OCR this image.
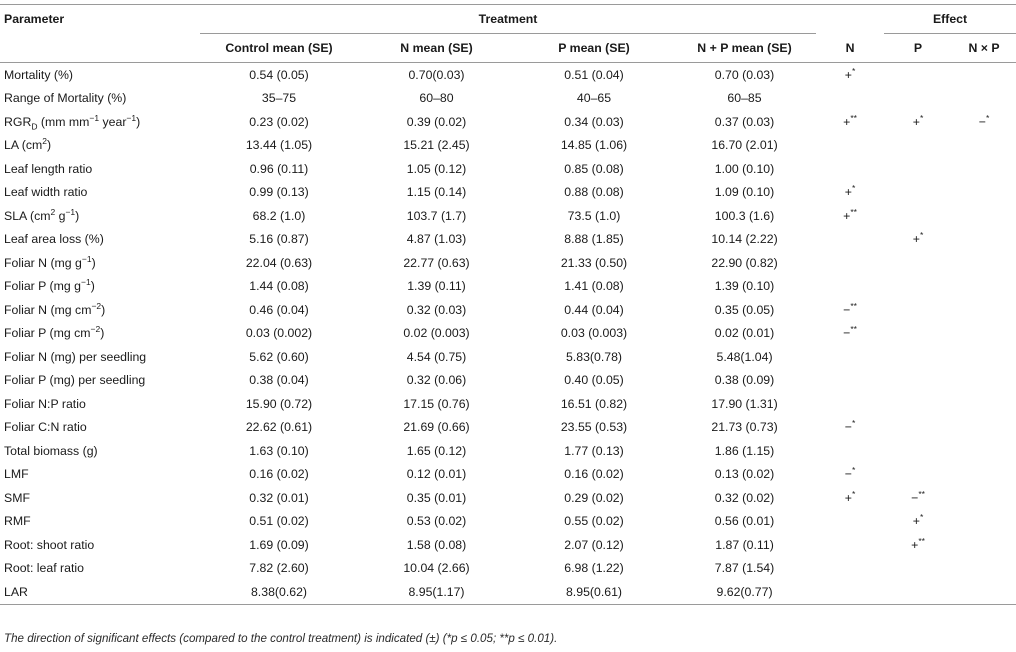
Parameter	Treatment					Effect	
	Control mean (SE)	N mean (SE)	P mean (SE)	N + P mean (SE)	N	P	N × P
Mortality (%)	0.54 (0.05)	0.70(0.03)	0.51 (0.04)	0.70 (0.03)	+*		
Range of Mortality (%)	35–75	60–80	40–65	60–85			
$RGR_D$ (mm $mm^{-1}$ year$^{-1}$)	0.23 (0.02)	0.39 (0.02)	0.34 (0.03)	0.37 (0.03)	+**	+*	−*
LA $(cm^2)$	13.44 (1.05)	15.21 (2.45)	14.85 (1.06)	16.70 (2.01)			
Leaf length ratio	0.96 (0.11)	1.05 (0.12)	0.85 (0.08)	1.00 (0.10)			
Leaf width ratio	0.99 (0.13)	1.15 (0.14)	0.88 (0.08)	1.09 (0.10)	+*		
SLA ($cm^2$ $g^{-1}$)	68.2 (1.0)	103.7 (1.7)	73.5 (1.0)	100.3 (1.6)	+**		
Leaf area loss (%)	5.16 (0.87)	4.87 (1.03)	8.88 (1.85)	10.14 (2.22)		+*	
Foliar N (mg $g^{-1}$)	22.04 (0.63)	22.77 (0.63)	21.33 (0.50)	22.90 (0.82)			
Foliar P (mg $g^{-1}$)	1.44 (0.08)	1.39 (0.11)	1.41 (0.08)	1.39 (0.10)			
Foliar N (mg $cm^{-2}$)	0.46 (0.04)	0.32 (0.03)	0.44 (0.04)	0.35 (0.05)	−**		
Foliar P (mg $cm^{-2}$)	0.03 (0.002)	0.02 (0.003)	0.03 (0.003)	0.02 (0.01)	−**		
Foliar N (mg) per seedling	5.62 (0.60)	4.54 (0.75)	5.83(0.78)	5.48(1.04)			
Foliar P (mg) per seedling	0.38 (0.04)	0.32 (0.06)	0.40 (0.05)	0.38 (0.09)			
Foliar N:P ratio	15.90 (0.72)	17.15 (0.76)	16.51 (0.82)	17.90 (1.31)			
Foliar C:N ratio	22.62 (0.61)	21.69 (0.66)	23.55 (0.53)	21.73 (0.73)	−*		
Total biomass (g)	1.63 (0.10)	1.65 (0.12)	1.77 (0.13)	1.86 (1.15)			
LMF	0.16 (0.02)	0.12 (0.01)	0.16 (0.02)	0.13 (0.02)	−*		
SMF	0.32 (0.01)	0.35 (0.01)	0.29 (0.02)	0.32 (0.02)	+*	−**	
RMF	0.51 (0.02)	0.53 (0.02)	0.55 (0.02)	0.56 (0.01)		+*	
Root: shoot ratio	1.69 (0.09)	1.58 (0.08)	2.07 (0.12)	1.87 (0.11)		+**	
Root: leaf ratio	7.82 (2.60)	10.04 (2.66)	6.98 (1.22)	7.87 (1.54)			
LAR	8.38(0.62)	8.95(1.17)	8.95(0.61)	9.62(0.77)			
The direction of significant effects (compared to the control treatment) is indicated (±) (*p ≤ 0.05; **p ≤ 0.01).
